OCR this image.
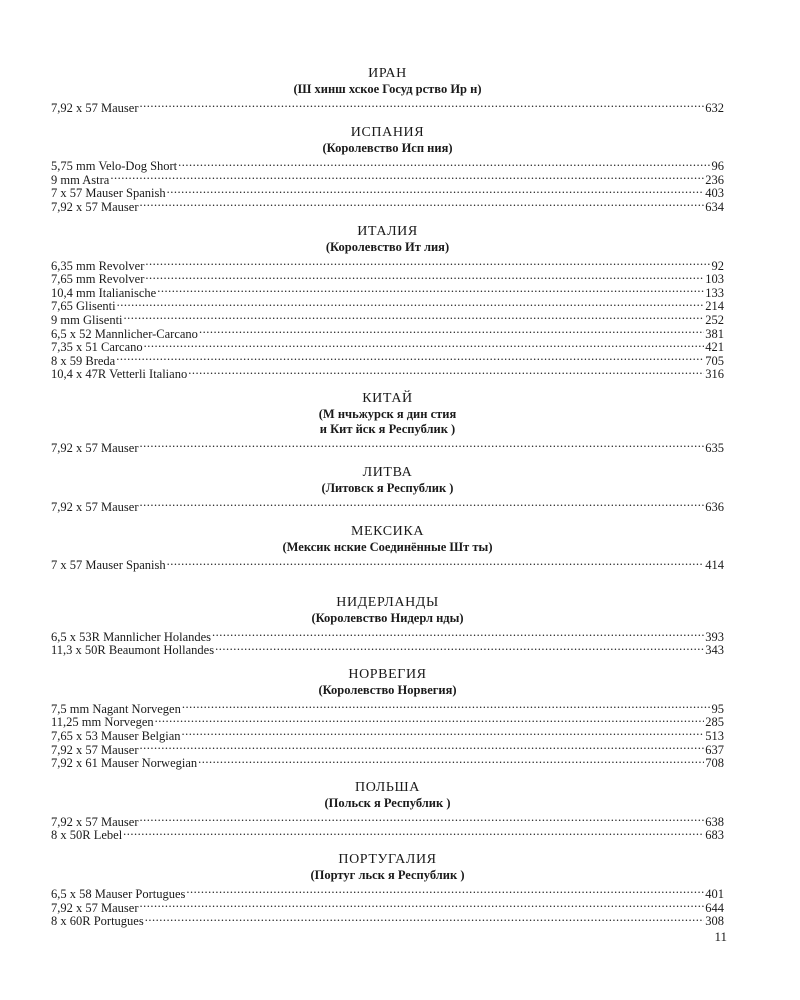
ИРАН
(Ш хинш хское Госуд рство Ир н)
7,92 x 57 Mauser .....	632
ИСПАНИЯ
(Королевство Исп ния)
5,75 mm Velo-Dog Short .....	96
9 mm Astra .....	236
7 x 57 Mauser Spanish .....	403
7,92 x 57 Mauser .....	634
ИТАЛИЯ
(Королевство Ит лия)
6,35 mm Revolver .....	92
7,65 mm Revolver .....	103
10,4 mm Italianische .....	133
7,65 Glisenti .....	214
9 mm Glisenti .....	252
6,5 x 52 Mannlicher-Carcano .....	381
7,35 x 51 Carcano .....	421
8 x 59 Breda .....	705
10,4 x 47R Vetterli Italiano .....	316
КИТАЙ
(М нчьжурск я дин стия
и Кит йск я Республик )
7,92 x 57 Mauser .....	635
ЛИТВА
(Литовск я Республик )
7,92 x 57 Mauser .....	636
МЕКСИКА
(Мексик нские Соединённые Шт ты)
7 x 57 Mauser Spanish .....	414
НИДЕРЛАНДЫ
(Королевство Нидерл нды)
6,5 x 53R Mannlicher Holandes .....	393
11,3 x 50R Beaumont Hollandes .....	343
НОРВЕГИЯ
(Королевство Норвегия)
7,5 mm Nagant Norvegen .....	95
11,25 mm Norvegen .....	285
7,65 x 53 Mauser Belgian .....	513
7,92 x 57 Mauser .....	637
7,92 x 61 Mauser Norwegian .....	708
ПОЛЬША
(Польск я Республик )
7,92 x 57 Mauser .....	638
8 x 50R Lebel .....	683
ПОРТУГАЛИЯ
(Португ льск я Республик )
6,5 x 58 Mauser Portugues .....	401
7,92 x 57 Mauser .....	644
8 x 60R Portugues .....	308
11
